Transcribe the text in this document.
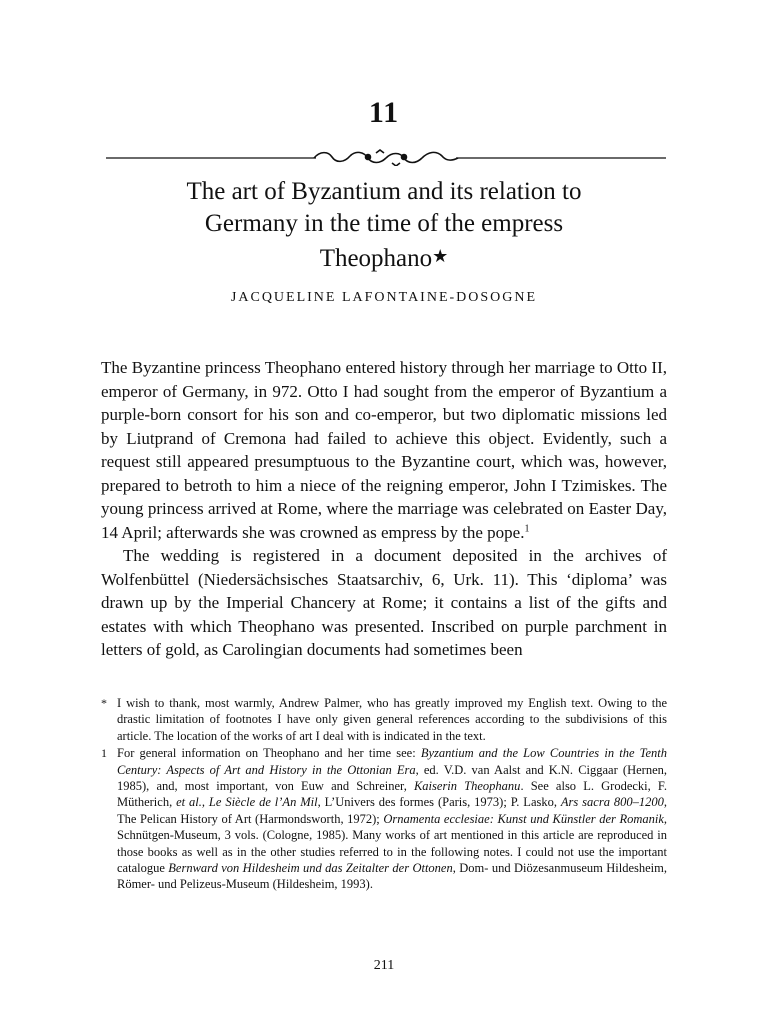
11
The art of Byzantium and its relation to
Germany in the time of the empress
Theophano★
JACQUELINE LAFONTAINE-DOSOGNE

The Byzantine princess Theophano entered history through her marriage to Otto II, emperor of Germany, in 972. Otto I had sought from the emperor of Byzantium a purple-born consort for his son and co-emperor, but two diplomatic missions led by Liutprand of Cremona had failed to achieve this object. Evidently, such a request still appeared presumptuous to the Byzantine court, which was, however, prepared to betroth to him a niece of the reigning emperor, John I Tzimiskes. The young princess arrived at Rome, where the marriage was celebrated on Easter Day, 14 April; afterwards she was crowned as empress by the pope.$^1$

The wedding is registered in a document deposited in the archives of Wolfenbüttel (Niedersächsisches Staatsarchiv, 6, Urk. 11). This ‘diploma’ was drawn up by the Imperial Chancery at Rome; it contains a list of the gifts and estates with which Theophano was presented. Inscribed on purple parchment in letters of gold, as Carolingian documents had sometimes been

* I wish to thank, most warmly, Andrew Palmer, who has greatly improved my English text. Owing to the drastic limitation of footnotes I have only given general references according to the subdivisions of this article. The location of the works of art I deal with is indicated in the text.
1 For general information on Theophano and her time see: Byzantium and the Low Countries in the Tenth Century: Aspects of Art and History in the Ottonian Era, ed. V.D. van Aalst and K.N. Ciggaar (Hernen, 1985), and, most important, von Euw and Schreiner, Kaiserin Theophanu. See also L. Grodecki, F. Mütherich, et al., Le Siècle de l’An Mil, L’Univers des formes (Paris, 1973); P. Lasko, Ars sacra 800–1200, The Pelican History of Art (Harmondsworth, 1972); Ornamenta ecclesiae: Kunst und Künstler der Romanik, Schnütgen-Museum, 3 vols. (Cologne, 1985). Many works of art mentioned in this article are reproduced in those books as well as in the other studies referred to in the following notes. I could not use the important catalogue Bernward von Hildesheim und das Zeitalter der Ottonen, Dom- und Diözesanmuseum Hildesheim, Römer- und Pelizeus-Museum (Hildesheim, 1993).
211
